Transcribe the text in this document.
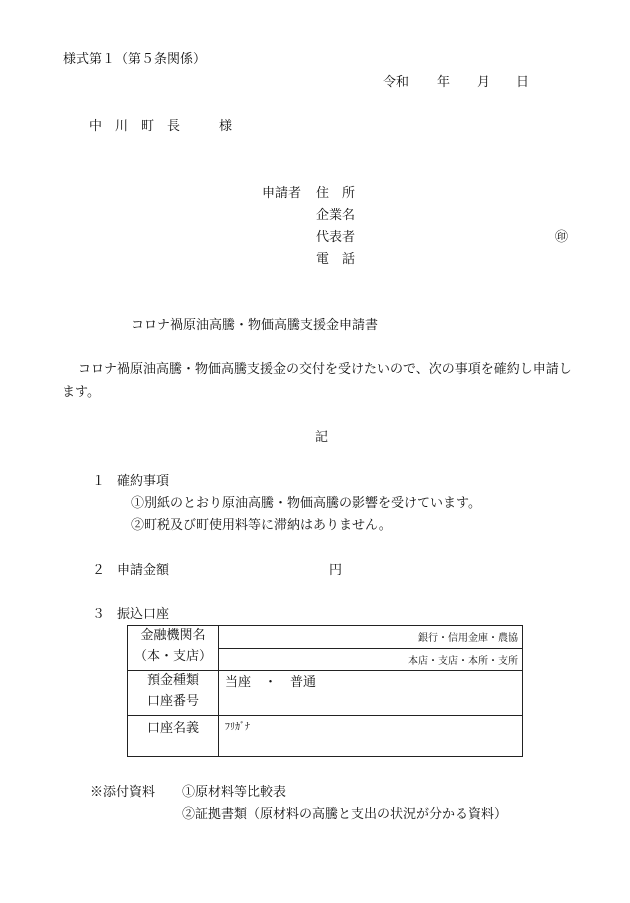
様式第１（第５条関係）
令和 年 月 日
中　川　町　長　　　様
申請者 住　所
企業名
代表者	㊞
電　話
コロナ禍原油高騰・物価高騰支援金申請書
コロナ禍原油高騰・物価高騰支援金の交付を受けたいので、次の事項を確約し申請し
ます。
記
１ 確約事項
①別紙のとおり原油高騰・物価高騰の影響を受けています。
②町税及び町使用料等に滞納はありません。
２ 申請金額	円
３ 振込口座
金融機関名
（本・支店）	銀行・信用金庫・農協

	本店・支店・本所・支所

預金種類
口座番号	当座　・　普通

口座名義	ﾌﾘｶﾞﾅ
※添付資料 ①原材料等比較表
②証拠書類（原材料の高騰と支出の状況が分かる資料）
